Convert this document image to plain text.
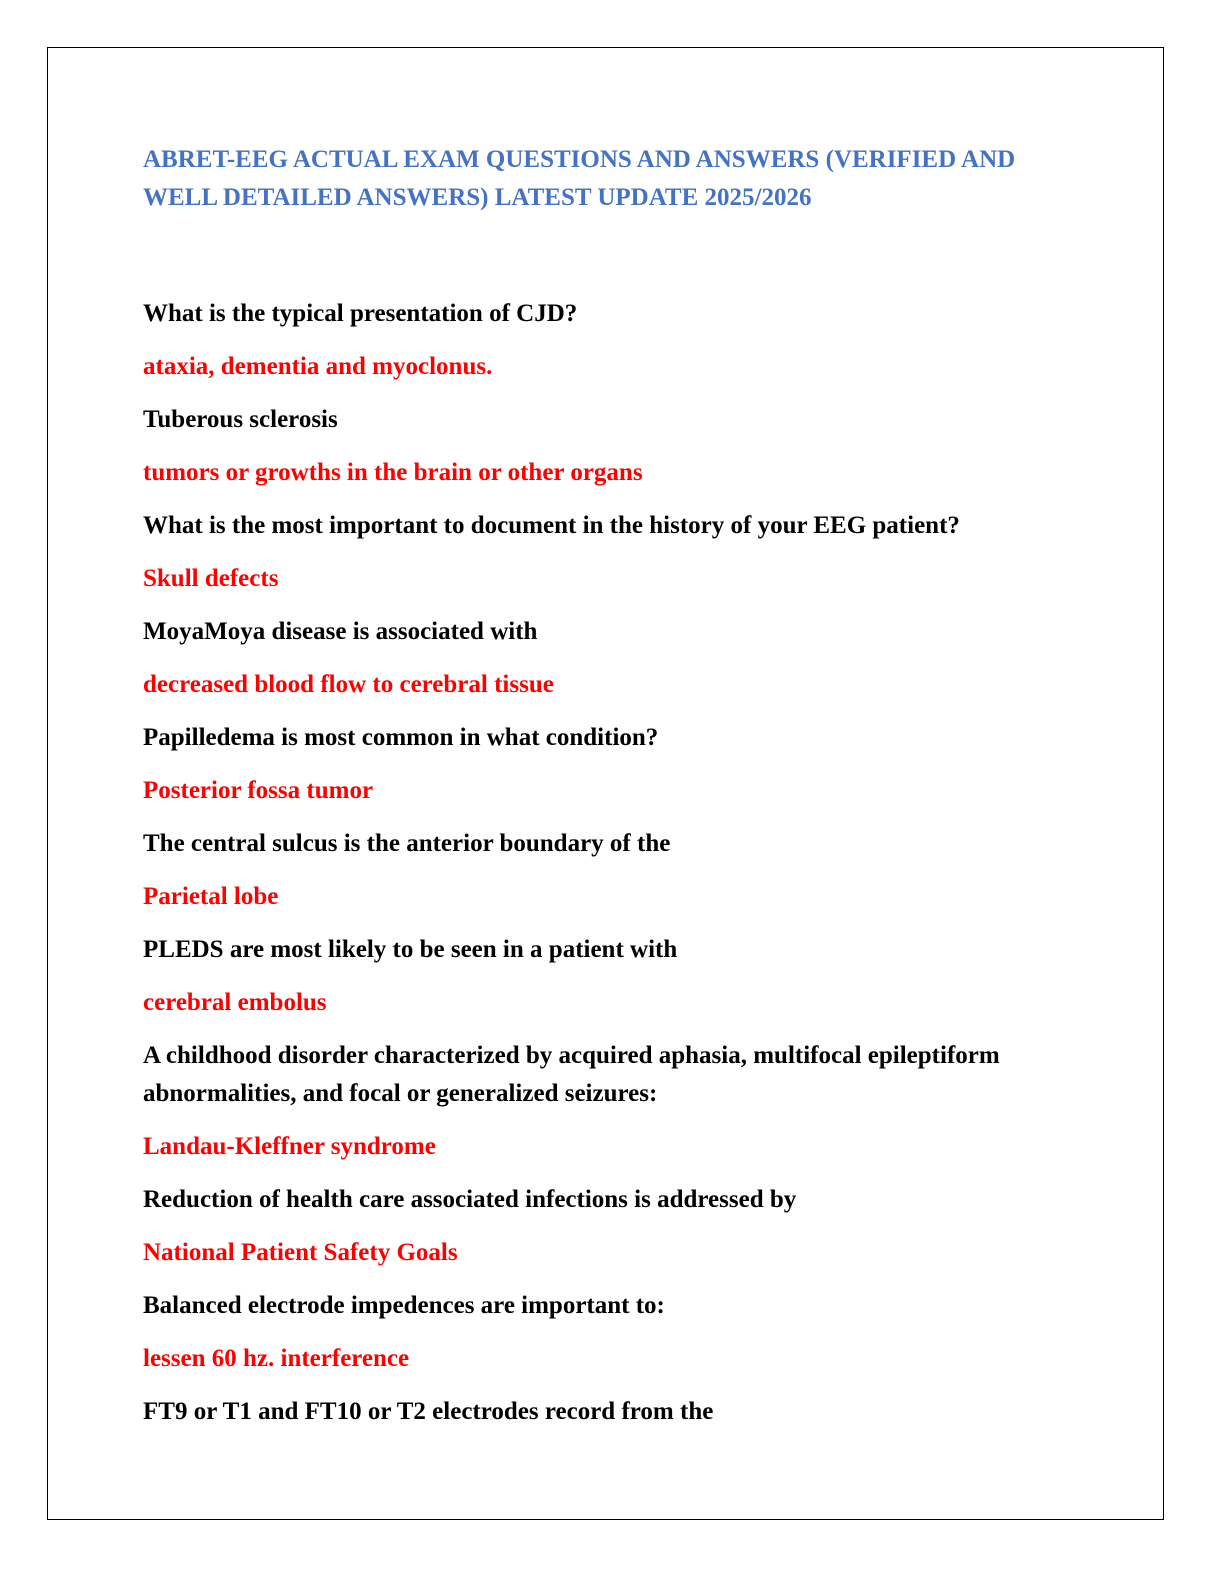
ABRET-EEG ACTUAL EXAM QUESTIONS AND ANSWERS (VERIFIED AND WELL DETAILED ANSWERS) LATEST UPDATE 2025/2026

What is the typical presentation of CJD?

ataxia, dementia and myoclonus.

Tuberous sclerosis

tumors or growths in the brain or other organs

What is the most important to document in the history of your EEG patient?

Skull defects

MoyaMoya disease is associated with

decreased blood flow to cerebral tissue

Papilledema is most common in what condition?

Posterior fossa tumor

The central sulcus is the anterior boundary of the

Parietal lobe

PLEDS are most likely to be seen in a patient with

cerebral embolus

A childhood disorder characterized by acquired aphasia, multifocal epileptiform abnormalities, and focal or generalized seizures:

Landau-Kleffner syndrome

Reduction of health care associated infections is addressed by

National Patient Safety Goals

Balanced electrode impedences are important to:

lessen 60 hz. interference

FT9 or T1 and FT10 or T2 electrodes record from the
